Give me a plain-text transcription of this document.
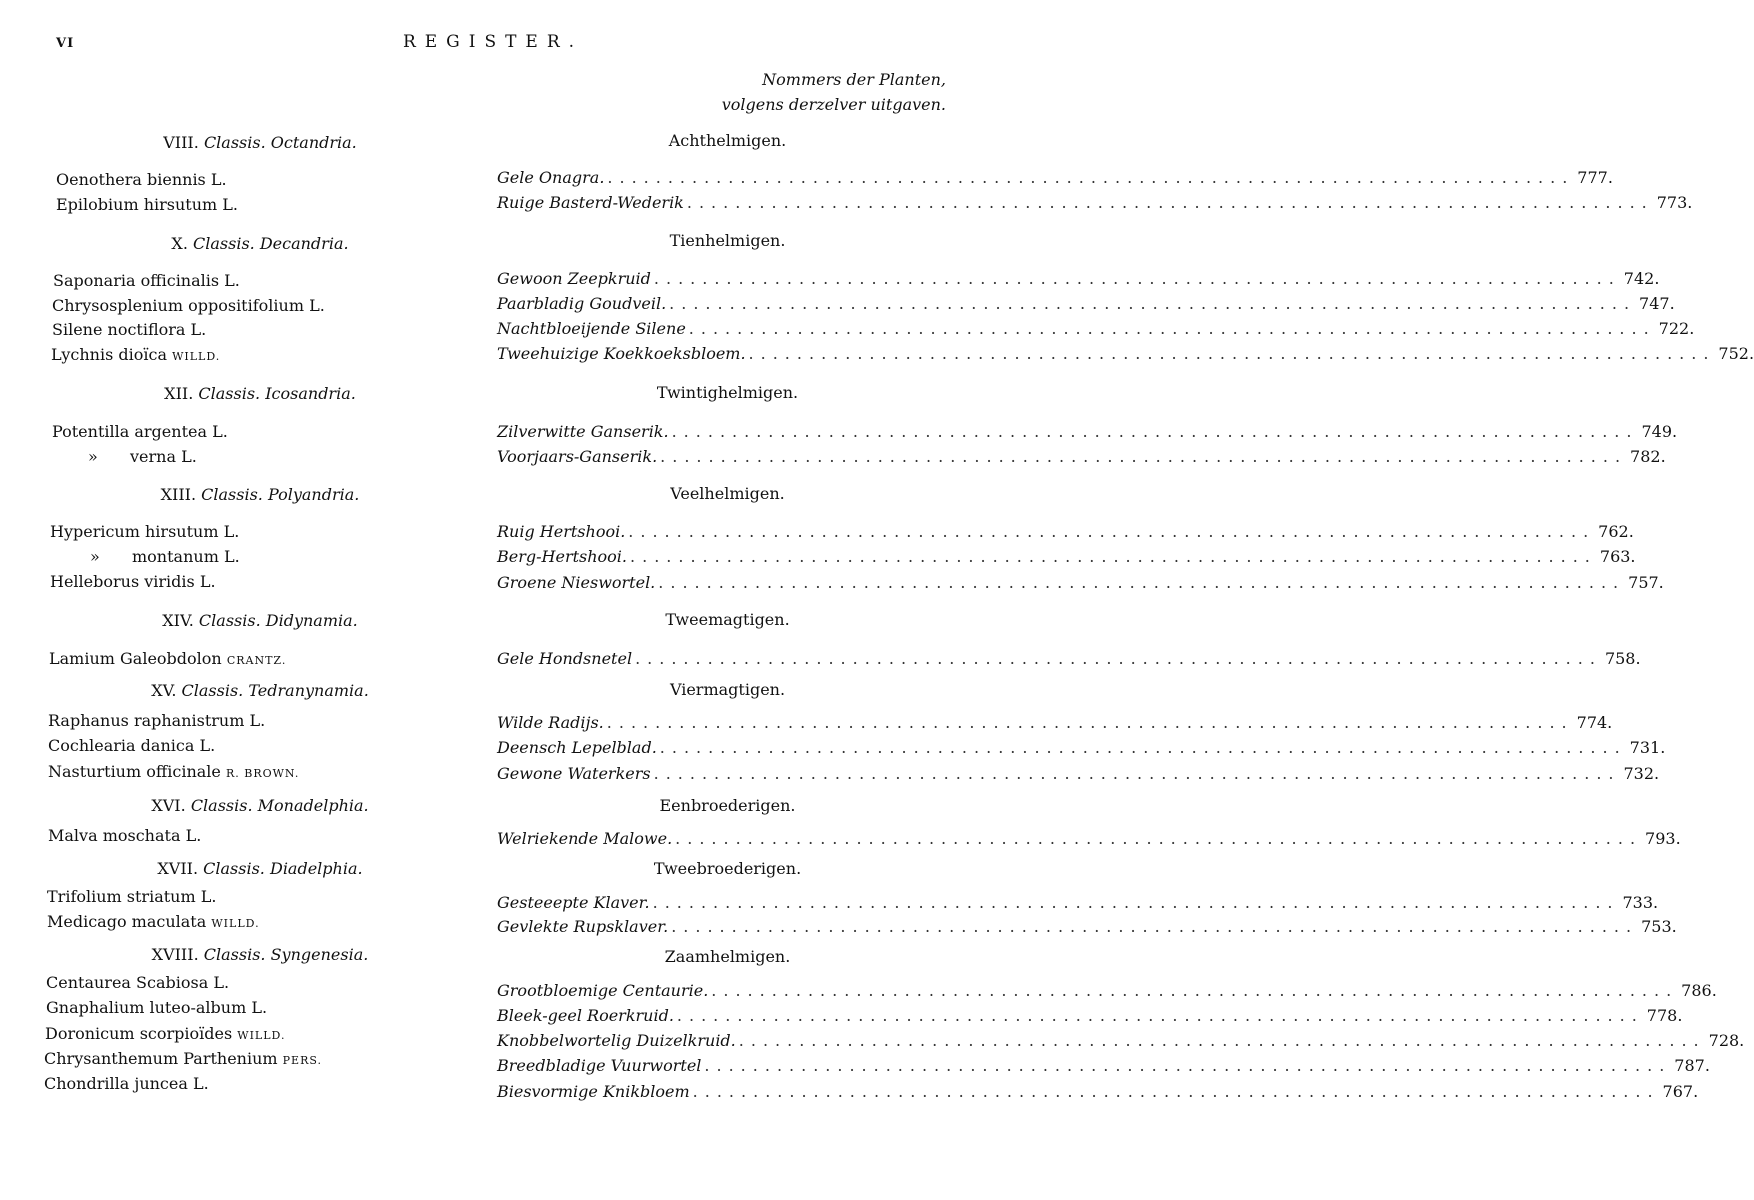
VI	REGISTER.
Nommers der Planten,
volgens derzelver uitgaven.
VIII. Classis. Octandria.	Achthelmigen.
Oenothera biennis L.	Gele Onagra. ................................................................................ 777.
Epilobium hirsutum L.	Ruige Basterd-Wederik ................................................................................ 773.
X. Classis. Decandria.	Tienhelmigen.
Saponaria officinalis L.	Gewoon Zeepkruid ................................................................................ 742.
Chrysosplenium oppositifolium L.	Paarbladig Goudveil. ................................................................................ 747.
Silene noctiflora L.	Nachtbloeijende Silene ................................................................................ 722.
Lychnis dioïca WILLD.	Tweehuizige Koekkoeksbloem. ................................................................................ 752.
XII. Classis. Icosandria.	Twintighelmigen.
Potentilla argentea L.	Zilverwitte Ganserik. ................................................................................ 749.
» verna L.	Voorjaars-Ganserik. ................................................................................ 782.
XIII. Classis. Polyandria.	Veelhelmigen.
Hypericum hirsutum L.	Ruig Hertshooi. ................................................................................ 762.
» montanum L.	Berg-Hertshooi. ................................................................................ 763.
Helleborus viridis L.	Groene Nieswortel. ................................................................................ 757.
XIV. Classis. Didynamia.	Tweemagtigen.
Lamium Galeobdolon CRANTZ.	Gele Hondsnetel ................................................................................ 758.
XV. Classis. Tedranynamia.	Viermagtigen.
Raphanus raphanistrum L.	Wilde Radijs. ................................................................................ 774.
Cochlearia danica L.	Deensch Lepelblad. ................................................................................ 731.
Nasturtium officinale R. BROWN.	Gewone Waterkers ................................................................................ 732.
XVI. Classis. Monadelphia.	Eenbroederigen.
Malva moschata L.	Welriekende Malowe. ................................................................................ 793.
XVII. Classis. Diadelphia.	Tweebroederigen.
Trifolium striatum L.	Gesteeepte Klaver. ................................................................................ 733.
Medicago maculata WILLD.	Gevlekte Rupsklaver. ................................................................................ 753.
XVIII. Classis. Syngenesia.	Zaamhelmigen.
Centaurea Scabiosa L.	Grootbloemige Centaurie. ................................................................................ 786.
Gnaphalium luteo-album L.	Bleek-geel Roerkruid. ................................................................................ 778.
Doronicum scorpioïdes WILLD.	Knobbelwortelig Duizelkruid. ................................................................................ 728.
Chrysanthemum Parthenium PERS.	Breedbladige Vuurwortel ................................................................................ 787.
Chondrilla juncea L.	Biesvormige Knikbloem ................................................................................ 767.
